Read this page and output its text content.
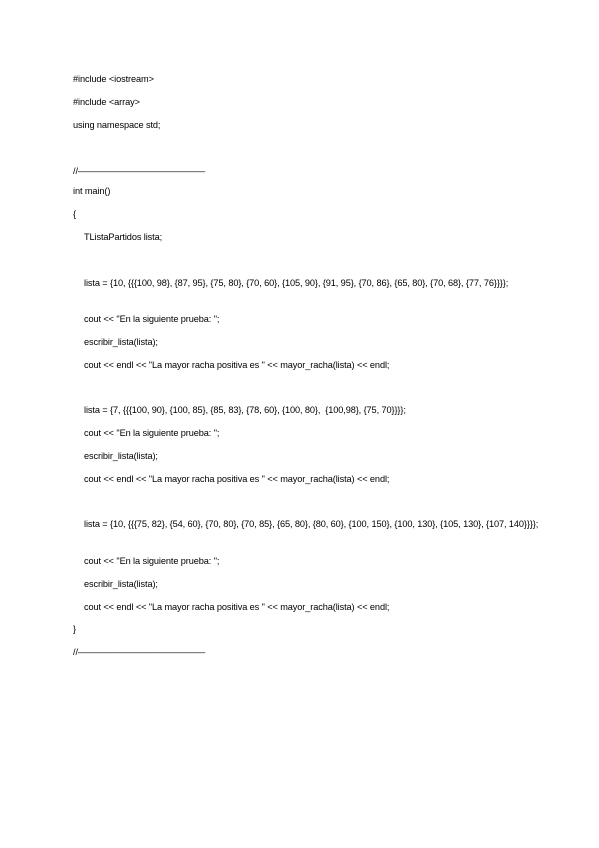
#include <iostream>
#include <array>
using namespace std;
//——————————————
int main()
{
TListaPartidos lista;
lista = {10, {{{100, 98}, {87, 95}, {75, 80}, {70, 60}, {105, 90}, {91, 95}, {70, 86}, {65, 80}, {70, 68}, {77, 76}}}};
cout << "En la siguiente prueba: ";
escribir_lista(lista);
cout << endl << "La mayor racha positiva es " << mayor_racha(lista) << endl;
lista = {7, {{{100, 90}, {100, 85}, {85, 83}, {78, 60}, {100, 80},  {100,98}, {75, 70}}}};
cout << "En la siguiente prueba: ";
escribir_lista(lista);
cout << endl << "La mayor racha positiva es " << mayor_racha(lista) << endl;
lista = {10, {{{75, 82}, {54, 60}, {70, 80}, {70, 85}, {65, 80}, {80, 60}, {100, 150}, {100, 130}, {105, 130}, {107, 140}}}};
cout << "En la siguiente prueba: ";
escribir_lista(lista);
cout << endl << "La mayor racha positiva es " << mayor_racha(lista) << endl;
}
//——————————————
